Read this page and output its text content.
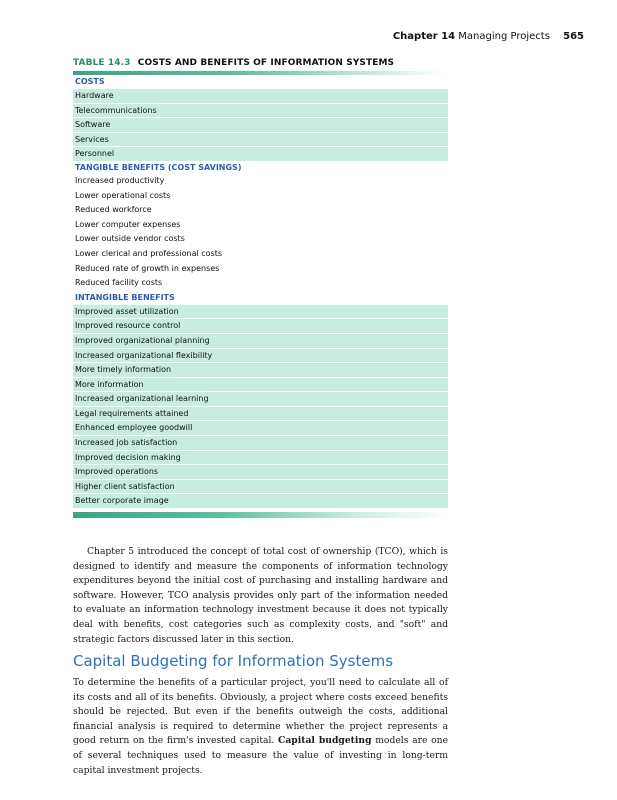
Chapter 14 Managing Projects 565
TABLE 14.3 COSTS AND BENEFITS OF INFORMATION SYSTEMS
COSTS
Hardware
Telecommunications
Software
Services
Personnel
TANGIBLE BENEFITS (COST SAVINGS)
Increased productivity
Lower operational costs
Reduced workforce
Lower computer expenses
Lower outside vendor costs
Lower clerical and professional costs
Reduced rate of growth in expenses
Reduced facility costs
INTANGIBLE BENEFITS
Improved asset utilization
Improved resource control
Improved organizational planning
Increased organizational flexibility
More timely information
More information
Increased organizational learning
Legal requirements attained
Enhanced employee goodwill
Increased job satisfaction
Improved decision making
Improved operations
Higher client satisfaction
Better corporate image

Chapter 5 introduced the concept of total cost of ownership (TCO), which is designed to identify and measure the components of information technology expenditures beyond the initial cost of purchasing and installing hardware and software. However, TCO analysis provides only part of the information needed to evaluate an information technology investment because it does not typically deal with benefits, cost categories such as complexity costs, and "soft" and strategic factors discussed later in this section.

Capital Budgeting for Information Systems

To determine the benefits of a particular project, you'll need to calculate all of its costs and all of its benefits. Obviously, a project where costs exceed benefits should be rejected. But even if the benefits outweigh the costs, additional financial analysis is required to determine whether the project represents a good return on the firm's invested capital. Capital budgeting models are one of several techniques used to measure the value of investing in long-term capital investment projects.
